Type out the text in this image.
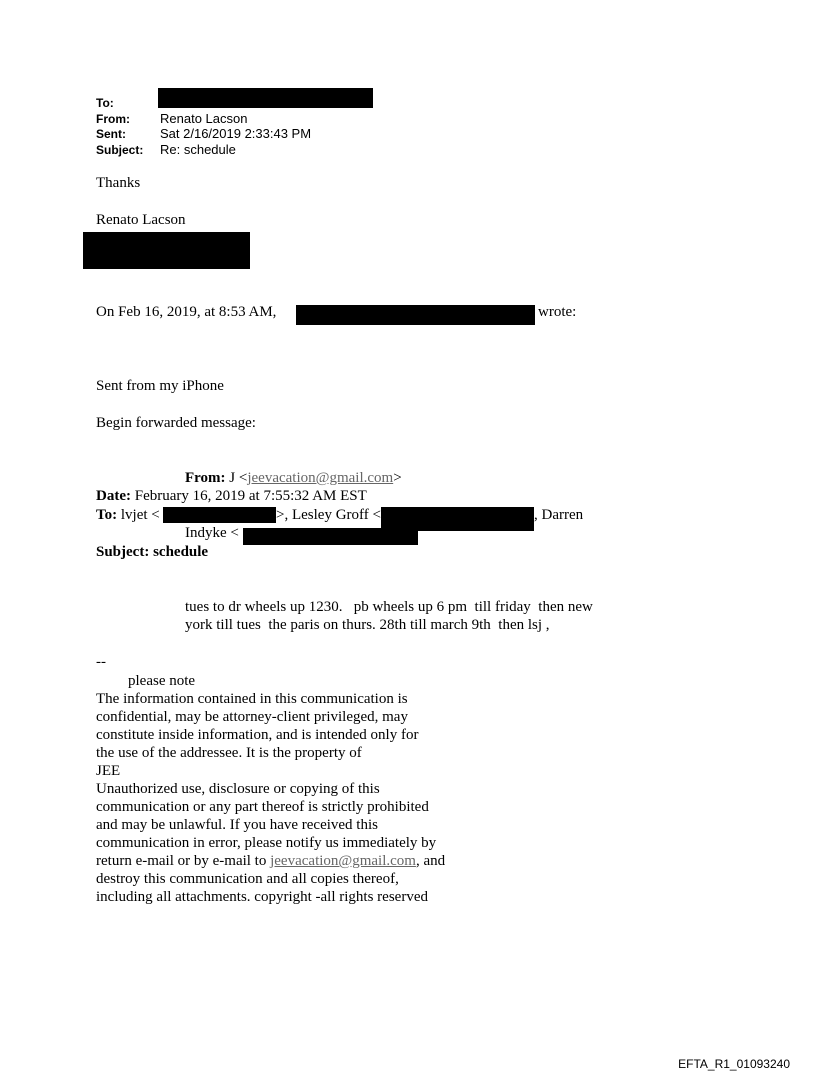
To:
From: Renato Lacson
Sent:	Sat 2/16/2019 2:33:43 PM
Subject: Re: schedule
Thanks
Renato Lacson
On Feb 16, 2019, at 8:53 AM,	wrote:
Sent from my iPhone
Begin forwarded message:
From: J <jeevacation@gmail.com>
Date: February 16, 2019 at 7:55:32 AM EST
To: lvjet <	>, Lesley Groff <	, Darren
Indyke <
Subject: schedule
tues to dr wheels up 1230.   pb wheels up 6 pm  till friday  then new
york till tues  the paris on thurs. 28th till march 9th  then lsj ,
--
please note
The information contained in this communication is
confidential, may be attorney-client privileged, may
constitute inside information, and is intended only for
the use of the addressee. It is the property of
JEE
Unauthorized use, disclosure or copying of this
communication or any part thereof is strictly prohibited
and may be unlawful. If you have received this
communication in error, please notify us immediately by
return e-mail or by e-mail to jeevacation@gmail.com, and
destroy this communication and all copies thereof,
including all attachments. copyright -all rights reserved
EFTA_R1_01093240
